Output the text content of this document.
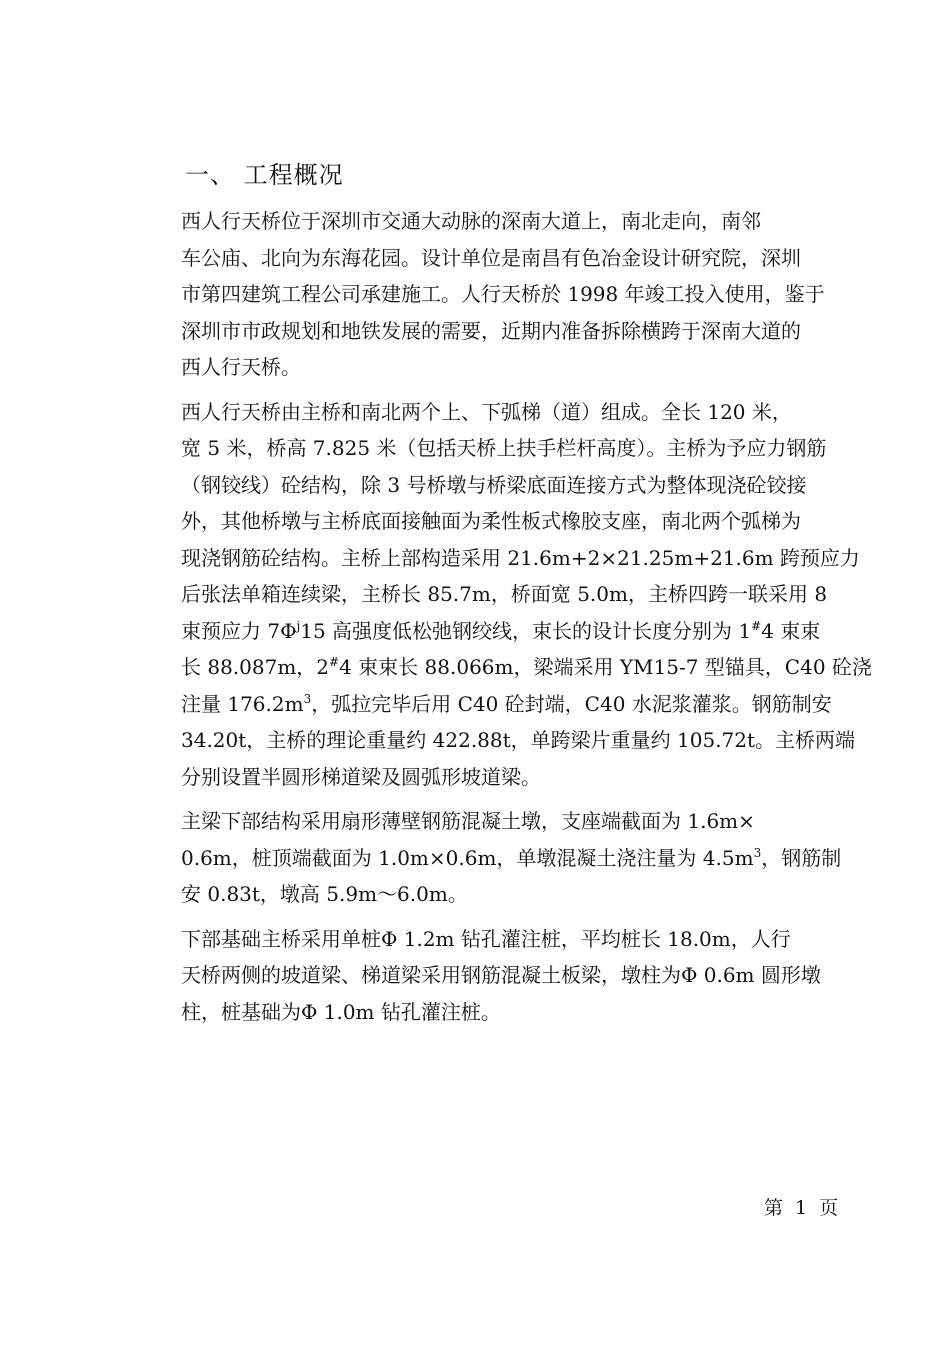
一、 工程概况

西人行天桥位于深圳市交通大动脉的深南大道上，南北走向，南邻
车公庙、北向为东海花园。设计单位是南昌有色冶金设计研究院，深圳
市第四建筑工程公司承建施工。人行天桥於 1998 年竣工投入使用，鉴于
深圳市市政规划和地铁发展的需要，近期内准备拆除横跨于深南大道的
西人行天桥。

西人行天桥由主桥和南北两个上、下弧梯（道）组成。全长 120 米，
宽 5 米，桥高 7.825 米（包括天桥上扶手栏杆高度）。主桥为予应力钢筋
（钢铰线）砼结构，除 3 号桥墩与桥梁底面连接方式为整体现浇砼铰接
外，其他桥墩与主桥底面接触面为柔性板式橡胶支座，南北两个弧梯为
现浇钢筋砼结构。主桥上部构造采用 21.6m+2×21.25m+21.6m 跨预应力
后张法单箱连续梁，主桥长 85.7m，桥面宽 5.0m，主桥四跨一联采用 8
束预应力 $7\Phi^j15$ 高强度低松弛钢绞线，束长的设计长度分别为 1#4 束束
长 88.087m，2#4 束束长 88.066m，梁端采用 YM15-7 型锚具，C40 砼浇
注量 $176.2m^3$，弧拉完毕后用 C40 砼封端，C40 水泥浆灌浆。钢筋制安
34.20t，主桥的理论重量约 422.88t，单跨梁片重量约 105.72t。主桥两端
分别设置半圆形梯道梁及圆弧形坡道梁。

主梁下部结构采用扇形薄壁钢筋混凝土墩，支座端截面为 1.6m×
0.6m，桩顶端截面为 1.0m×0.6m，单墩混凝土浇注量为 $4.5m^3$，钢筋制
安 0.83t，墩高 5.9m～6.0m。

下部基础主桥采用单桩Φ 1.2m 钻孔灌注桩，平均桩长 18.0m，人行
天桥两侧的坡道梁、梯道梁采用钢筋混凝土板梁，墩柱为Φ 0.6m 圆形墩
柱，桩基础为Φ 1.0m 钻孔灌注桩。

第 1 页
